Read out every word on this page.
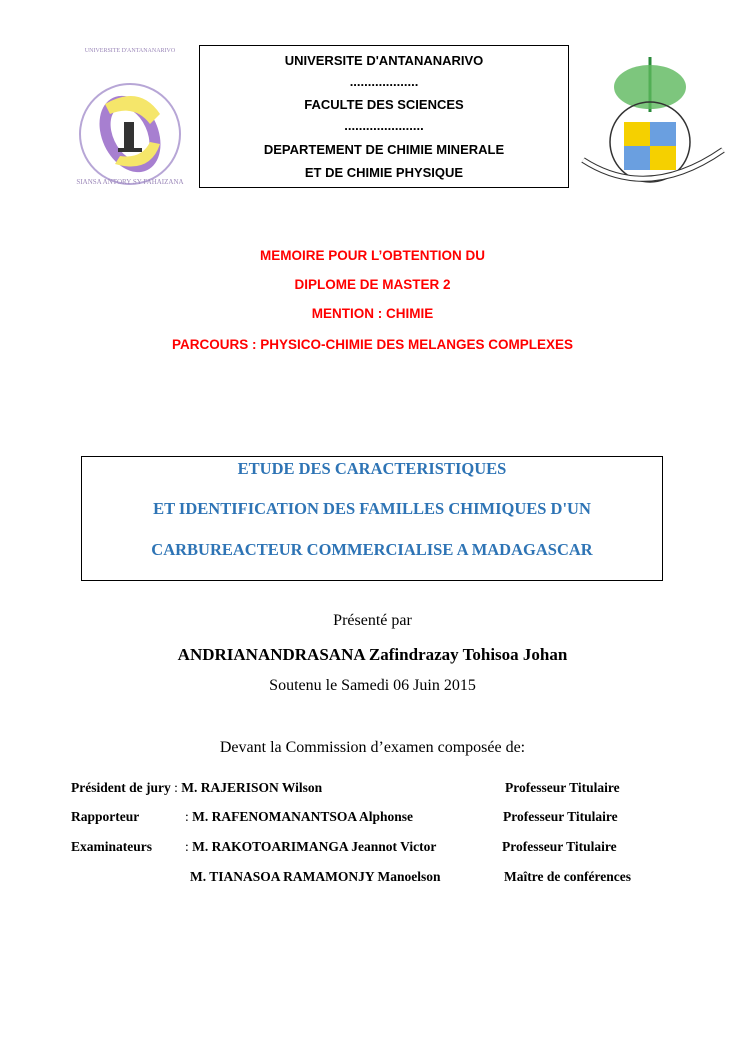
UNIVERSITE D'ANTANANARIVO
SIANSA ANTORY SY FAHAIZANA
UNIVERSITE D'ANTANANARIVO
...................
FACULTE DES SCIENCES
......................
DEPARTEMENT DE CHIMIE MINERALE
ET DE CHIMIE PHYSIQUE
MEMOIRE POUR L’OBTENTION DU
DIPLOME DE MASTER 2
MENTION : CHIMIE
PARCOURS : PHYSICO-CHIMIE DES MELANGES COMPLEXES
ETUDE DES CARACTERISTIQUES
ET IDENTIFICATION DES FAMILLES CHIMIQUES D'UN
CARBUREACTEUR COMMERCIALISE A MADAGASCAR
Présenté par
ANDRIANANDRASANA Zafindrazay Tohisoa Johan
Soutenu le Samedi 06 Juin 2015
Devant la Commission d’examen composée de:
Président de jury : M. RAJERISON Wilson	Professeur Titulaire
Rapporteur	: M. RAFENOMANANTSOA Alphonse	Professeur Titulaire
Examinateurs : M. RAKOTOARIMANGA Jeannot Victor	Professeur Titulaire
M. TIANASOA RAMAMONJY Manoelson	Maître de conférences
